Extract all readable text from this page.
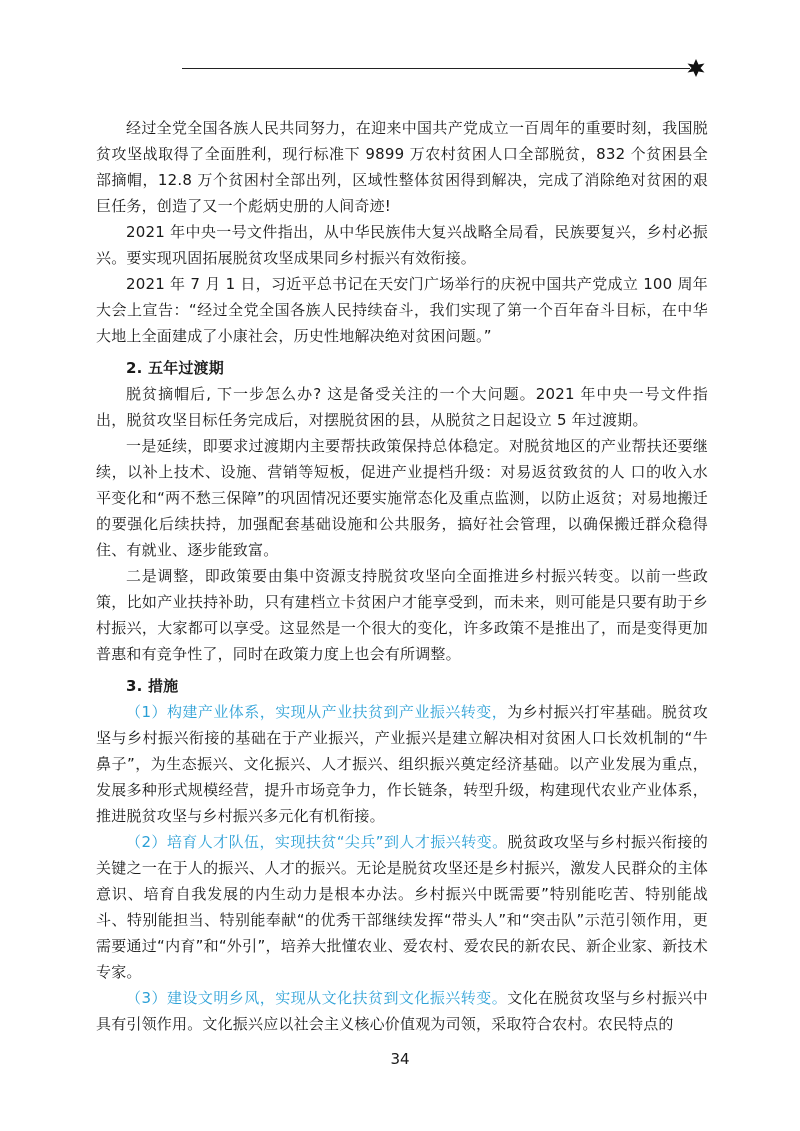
经过全党全国各族人民共同努力，在迎来中国共产党成立一百周年的重要时刻，我国脱贫攻坚战取得了全面胜利，现行标准下 9899 万农村贫困人口全部脱贫，832 个贫困县全部摘帽，12.8 万个贫困村全部出列，区域性整体贫困得到解决，完成了消除绝对贫困的艰巨任务，创造了又一个彪炳史册的人间奇迹!

2021 年中央一号文件指出，从中华民族伟大复兴战略全局看，民族要复兴，乡村必振兴。要实现巩固拓展脱贫攻坚成果同乡村振兴有效衔接。

2021 年 7 月 1 日，习近平总书记在天安门广场举行的庆祝中国共产党成立 100 周年大会上宣告：“经过全党全国各族人民持续奋斗，我们实现了第一个百年奋斗目标，在中华大地上全面建成了小康社会，历史性地解决绝对贫困问题。”

2. 五年过渡期

脱贫摘帽后, 下一步怎么办? 这是备受关注的一个大问题。2021 年中央一号文件指出，脱贫攻坚目标任务完成后，对摆脱贫困的县，从脱贫之日起设立 5 年过渡期。

一是延续，即要求过渡期内主要帮扶政策保持总体稳定。对脱贫地区的产业帮扶还要继续，以补上技术、设施、营销等短板，促进产业提档升级：对易返贫致贫的人 口的收入水平变化和“两不愁三保障”的巩固情况还要实施常态化及重点监测，以防止返贫；对易地搬迁的要强化后续扶持，加强配套基础设施和公共服务，搞好社会管理，以确保搬迁群众稳得住、有就业、逐步能致富。

二是调整，即政策要由集中资源支持脱贫攻坚向全面推进乡村振兴转变。以前一些政策，比如产业扶持补助，只有建档立卡贫困户才能享受到，而未来，则可能是只要有助于乡村振兴，大家都可以享受。这显然是一个很大的变化，许多政策不是推出了，而是变得更加普惠和有竞争性了，同时在政策力度上也会有所调整。

3. 措施

（1）构建产业体系，实现从产业扶贫到产业振兴转变，为乡村振兴打牢基础。脱贫攻坚与乡村振兴衔接的基础在于产业振兴，产业振兴是建立解决相对贫困人口长效机制的“牛鼻子”，为生态振兴、文化振兴、人才振兴、组织振兴奠定经济基础。以产业发展为重点，发展多种形式规模经营，提升市场竞争力，作长链条，转型升级，构建现代农业产业体系，推进脱贫攻坚与乡村振兴多元化有机衔接。

（2）培育人才队伍，实现扶贫“尖兵”到人才振兴转变。脱贫政攻坚与乡村振兴衔接的关键之一在于人的振兴、人才的振兴。无论是脱贫攻坚还是乡村振兴，激发人民群众的主体意识、培育自我发展的内生动力是根本办法。乡村振兴中既需要”特别能吃苦、特别能战斗、特别能担当、特别能奉献“的优秀干部继续发挥“带头人”和“突击队”示范引领作用，更需要通过“内育”和“外引”，培养大批懂农业、爱农村、爱农民的新农民、新企业家、新技术专家。

（3）建设文明乡风，实现从文化扶贫到文化振兴转变。文化在脱贫攻坚与乡村振兴中具有引领作用。文化振兴应以社会主义核心价值观为司领，采取符合农村。农民特点的

34
